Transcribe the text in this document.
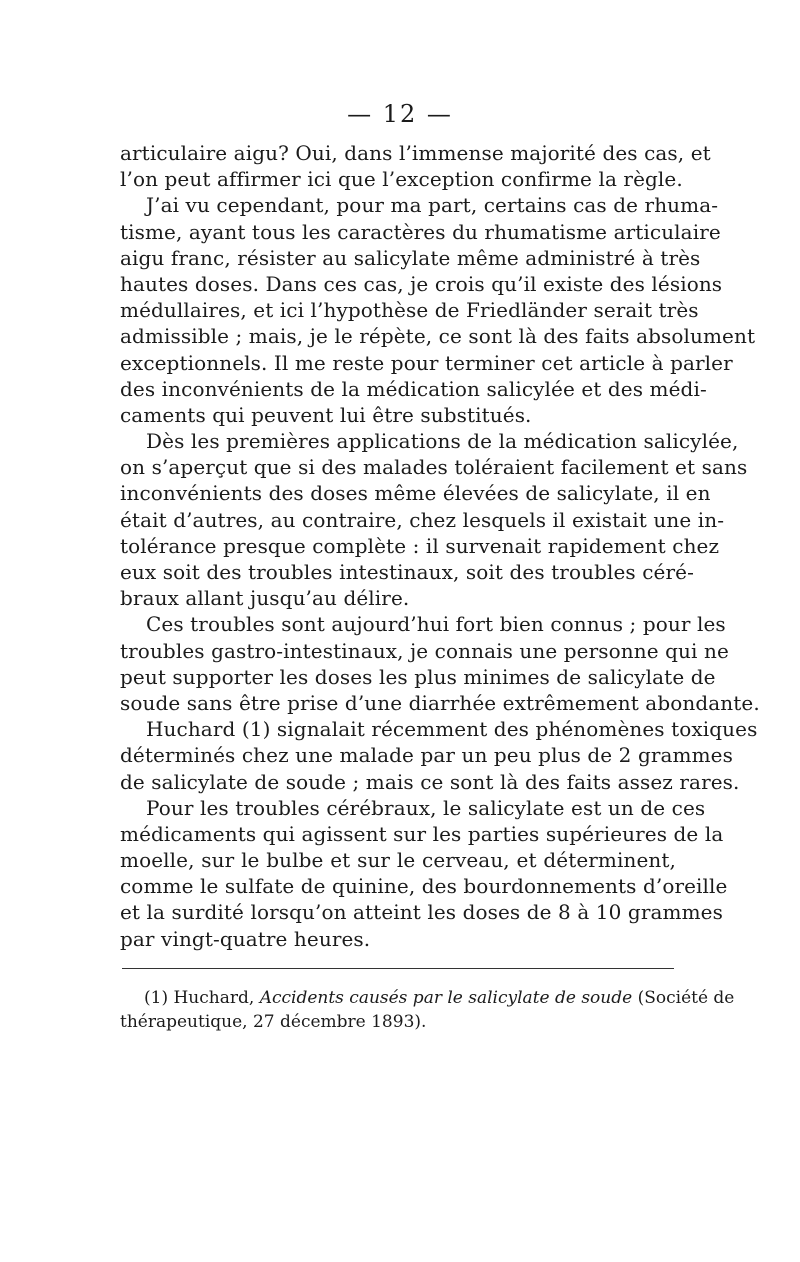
— 12 —
articulaire aigu? Oui, dans l’immense majorité des cas, et
l’on peut affirmer ici que l’exception confirme la règle.
J’ai vu cependant, pour ma part, certains cas de rhuma-
tisme, ayant tous les caractères du rhumatisme articulaire
aigu franc, résister au salicylate même administré à très
hautes doses. Dans ces cas, je crois qu’il existe des lésions
médullaires, et ici l’hypothèse de Friedländer serait très
admissible ; mais, je le répète, ce sont là des faits absolument
exceptionnels. Il me reste pour terminer cet article à parler
des inconvénients de la médication salicylée et des médi-
caments qui peuvent lui être substitués.
Dès les premières applications de la médication salicylée,
on s’aperçut que si des malades toléraient facilement et sans
inconvénients des doses même élevées de salicylate, il en
était d’autres, au contraire, chez lesquels il existait une in-
tolérance presque complète : il survenait rapidement chez
eux soit des troubles intestinaux, soit des troubles céré-
braux allant jusqu’au délire.
Ces troubles sont aujourd’hui fort bien connus ; pour les
troubles gastro-intestinaux, je connais une personne qui ne
peut supporter les doses les plus minimes de salicylate de
soude sans être prise d’une diarrhée extrêmement abondante.
Huchard (1) signalait récemment des phénomènes toxiques
déterminés chez une malade par un peu plus de 2 grammes
de salicylate de soude ; mais ce sont là des faits assez rares.
Pour les troubles cérébraux, le salicylate est un de ces
médicaments qui agissent sur les parties supérieures de la
moelle, sur le bulbe et sur le cerveau, et déterminent,
comme le sulfate de quinine, des bourdonnements d’oreille
et la surdité lorsqu’on atteint les doses de 8 à 10 grammes
par vingt-quatre heures.
(1) Huchard, Accidents causés par le salicylate de soude (Société de
thérapeutique, 27 décembre 1893).
